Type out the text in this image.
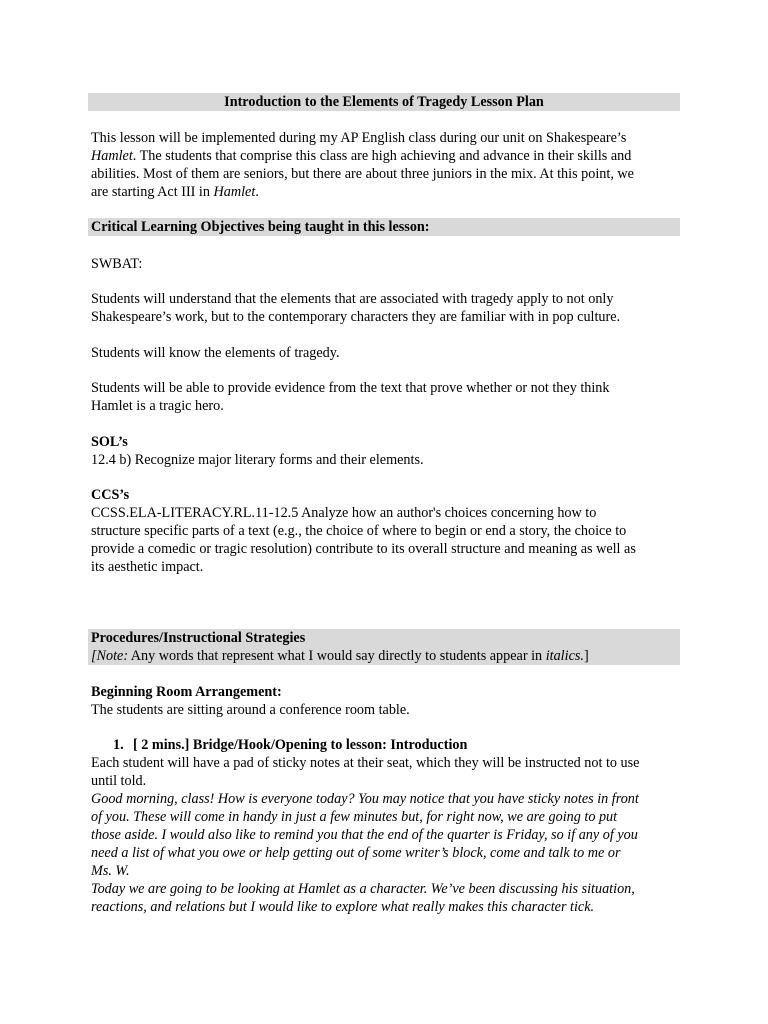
Introduction to the Elements of Tragedy Lesson Plan
This lesson will be implemented during my AP English class during our unit on Shakespeare’s
Hamlet. The students that comprise this class are high achieving and advance in their skills and
abilities. Most of them are seniors, but there are about three juniors in the mix. At this point, we
are starting Act III in Hamlet.
Critical Learning Objectives being taught in this lesson:
SWBAT:
Students will understand that the elements that are associated with tragedy apply to not only
Shakespeare’s work, but to the contemporary characters they are familiar with in pop culture.
Students will know the elements of tragedy.
Students will be able to provide evidence from the text that prove whether or not they think
Hamlet is a tragic hero.
SOL’s
12.4 b) Recognize major literary forms and their elements.
CCS’s
CCSS.ELA-LITERACY.RL.11-12.5 Analyze how an author's choices concerning how to
structure specific parts of a text (e.g., the choice of where to begin or end a story, the choice to
provide a comedic or tragic resolution) contribute to its overall structure and meaning as well as
its aesthetic impact.
Procedures/Instructional Strategies
[Note: Any words that represent what I would say directly to students appear in italics.]
Beginning Room Arrangement:
The students are sitting around a conference room table.
1. [ 2 mins.] Bridge/Hook/Opening to lesson: Introduction
Each student will have a pad of sticky notes at their seat, which they will be instructed not to use
until told.
Good morning, class! How is everyone today? You may notice that you have sticky notes in front
of you. These will come in handy in just a few minutes but, for right now, we are going to put
those aside. I would also like to remind you that the end of the quarter is Friday, so if any of you
need a list of what you owe or help getting out of some writer’s block, come and talk to me or
Ms. W.
Today we are going to be looking at Hamlet as a character. We’ve been discussing his situation,
reactions, and relations but I would like to explore what really makes this character tick.
